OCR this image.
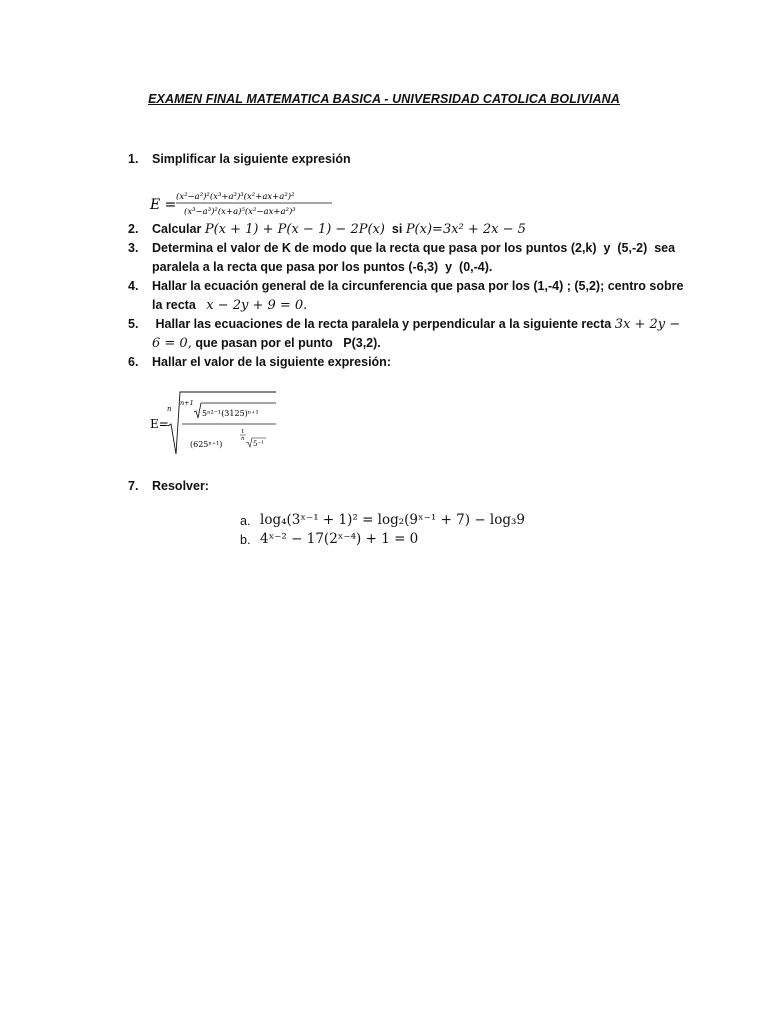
EXAMEN FINAL MATEMATICA BASICA - UNIVERSIDAD CATOLICA BOLIVIANA
1. Simplificar la siguiente expresión
E = (x²−a²)²(x³+a³)³(x²+ax+a²)²
(x³−a³)²(x+a)⁵(x²−ax+a²)³
2. Calcular P(x + 1) + P(x − 1) − 2P(x) si P(x)=3x² + 2x − 5
3. Determina el valor de K de modo que la recta que pasa por los puntos (2,k)  y  (5,-2)  sea
paralela a la recta que pasa por los puntos (-6,3)  y  (0,-4).
4. Hallar la ecuación general de la circunferencia que pasa por los (1,-4) ; (5,2); centro sobre
la recta x − 2y + 9 = 0.
5. Hallar las ecuaciones de la recta paralela y perpendicular a la siguiente recta 3x + 2y −
6 = 0, que pasan por el punto   P(3,2).
6. Hallar el valor de la siguiente expresión:
E=
n
n+1
5ⁿ²⁻¹(3125)ⁿ⁺¹
(625ⁿ⁺¹)
1
n
5⁻¹
7. Resolver:
a. log₄(3ˣ⁻¹ + 1)² = log₂(9ˣ⁻¹ + 7) − log₃9
b. 4ˣ⁻² − 17(2ˣ⁻⁴) + 1 = 0
